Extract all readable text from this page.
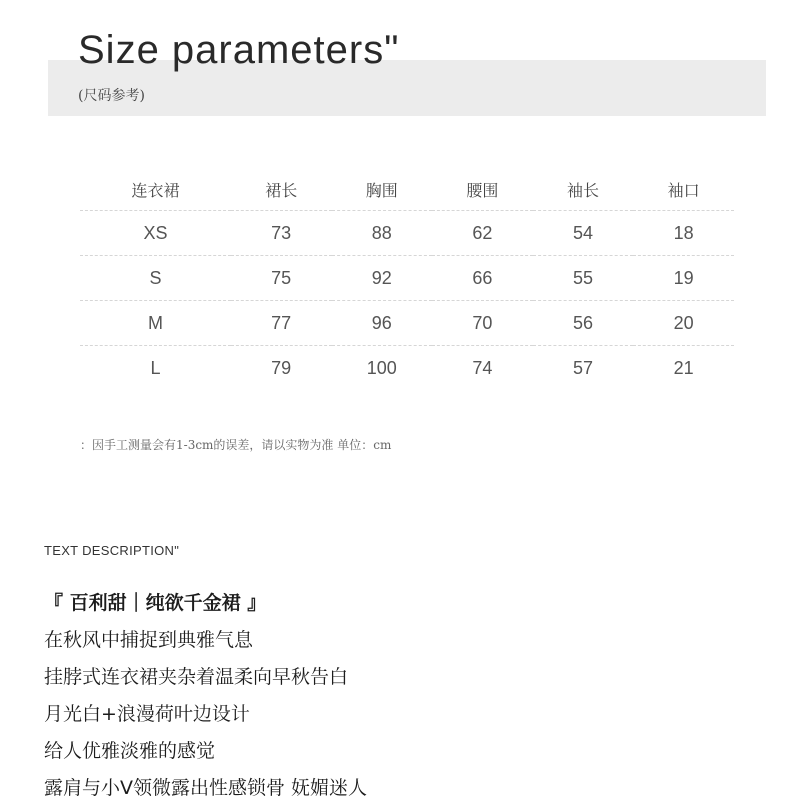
Size parameters"
(尺码参考)
连衣裙	裙长	胸围	腰围	袖长	袖口
XS	73	88	62	54	18
S	75	92	66	55	19
M	77	96	70	56	20
L	79	100	74	57	21
：因手工测量会有1-3cm的误差，请以实物为准 单位：cm
TEXT DESCRIPTION"
『 百利甜｜纯欲千金裙 』
在秋风中捕捉到典雅气息
挂脖式连衣裙夹杂着温柔向早秋告白
月光白+浪漫荷叶边设计
给人优雅淡雅的感觉
露肩与小V领微露出性感锁骨 妩媚迷人
